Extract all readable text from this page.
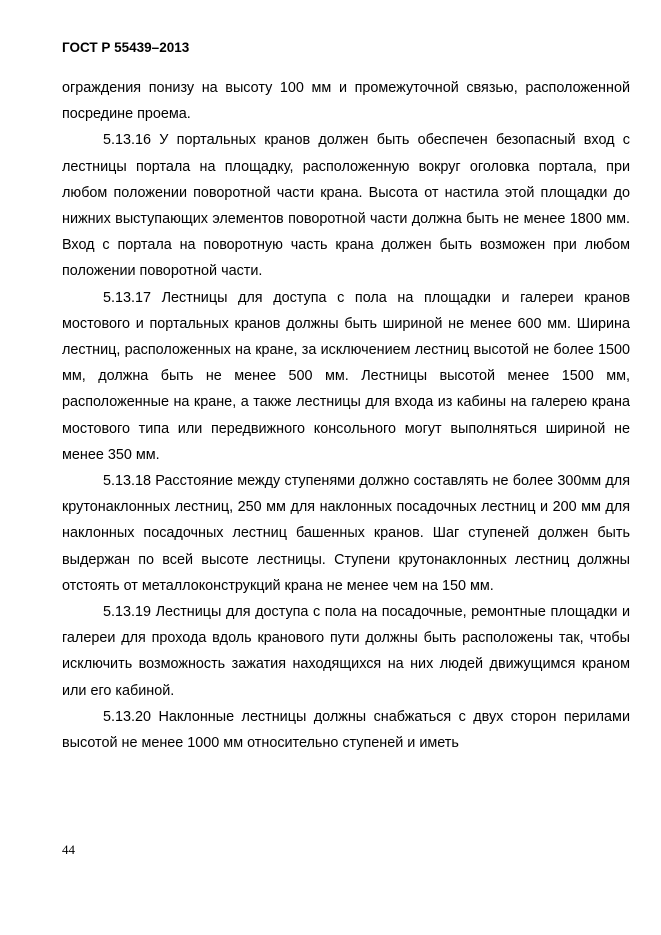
ГОСТ Р 55439–2013

ограждения понизу на высоту 100 мм и промежуточной связью, расположенной посредине проема.

5.13.16 У портальных кранов должен быть обеспечен безопасный вход с лестницы портала на площадку, расположенную вокруг оголовка портала, при любом положении поворотной части крана. Высота от настила этой площадки до нижних выступающих элементов поворотной части должна быть не менее 1800 мм. Вход с портала на поворотную часть крана должен быть возможен при любом положении поворотной части.

5.13.17 Лестницы для доступа с пола на площадки и галереи кранов мостового и портальных кранов должны быть шириной не менее 600 мм. Ширина лестниц, расположенных на кране, за исключением лестниц высотой не более 1500 мм, должна быть не менее 500 мм. Лестницы высотой менее 1500 мм, расположенные на кране, а также лестницы для входа из кабины на галерею крана мостового типа или передвижного консольного могут выполняться шириной не менее 350 мм.

5.13.18 Расстояние между ступенями должно составлять не более 300мм для крутонаклонных лестниц, 250 мм для наклонных посадочных лестниц и 200 мм для наклонных посадочных лестниц башенных кранов. Шаг ступеней должен быть выдержан по всей высоте лестницы. Ступени крутонаклонных лестниц должны отстоять от металлоконструкций крана не менее чем на 150 мм.

5.13.19 Лестницы для доступа с пола на посадочные, ремонтные площадки и галереи для прохода вдоль кранового пути должны быть расположены так, чтобы исключить возможность зажатия находящихся на них людей движущимся краном или его кабиной.

5.13.20 Наклонные лестницы должны снабжаться с двух сторон перилами высотой не менее 1000 мм относительно ступеней и иметь

44
